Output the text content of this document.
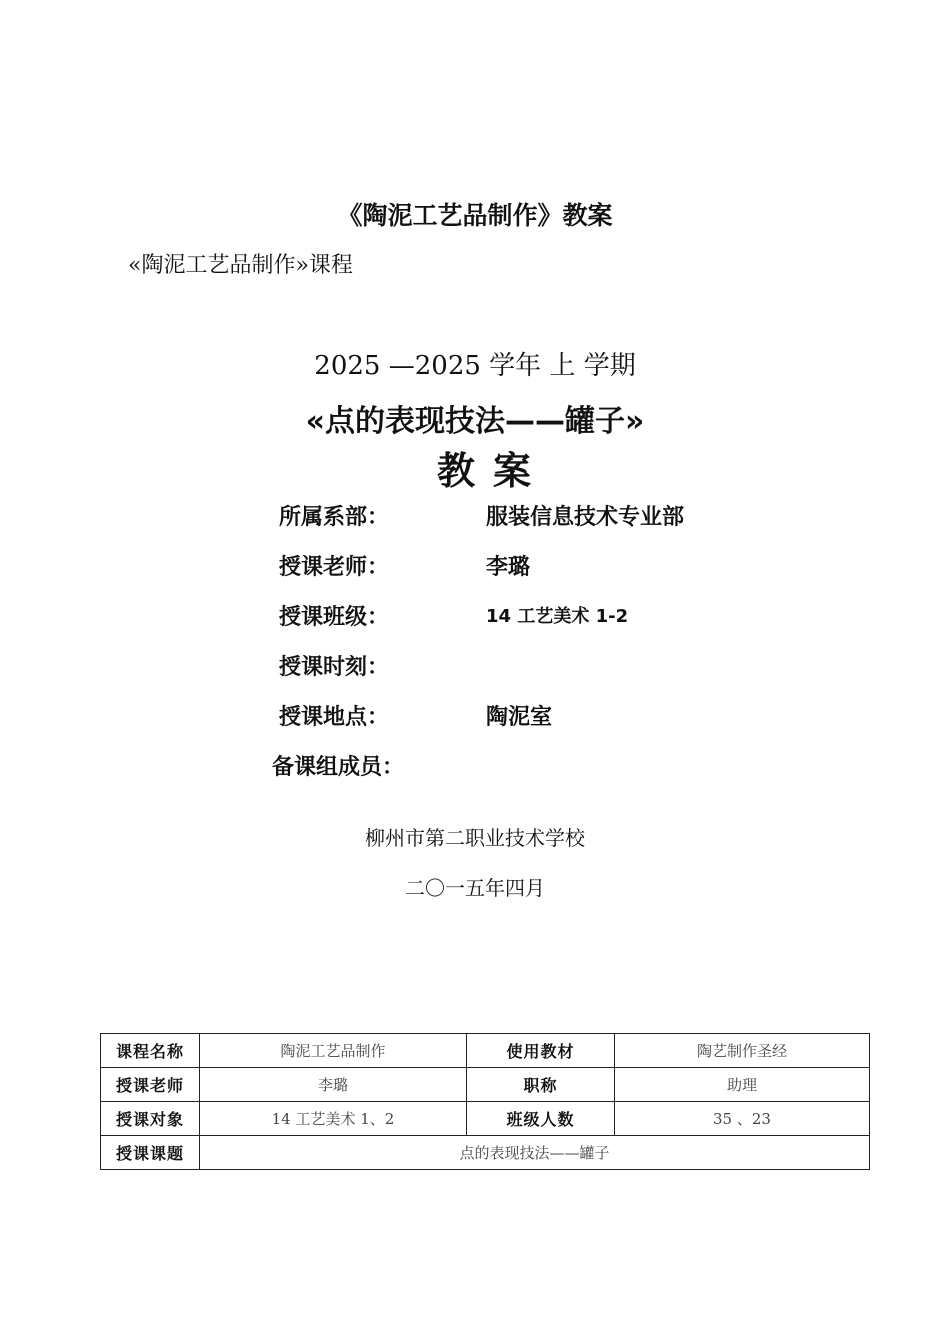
《陶泥工艺品制作》教案
«陶泥工艺品制作»课程
2025 —2025 学年 上 学期
«点的表现技法——罐子»
教案
所属系部：	服装信息技术专业部
授课老师：	李璐
授课班级：	14 工艺美术 1-2
授课时刻：
授课地点：	陶泥室
备课组成员：
柳州市第二职业技术学校
二〇一五年四月
课程名称	陶泥工艺品制作	使用教材	陶艺制作圣经
授课老师	李璐	职称	助理
授课对象	14 工艺美术 1、2	班级人数	35 、23
授课课题	点的表现技法——罐子		
